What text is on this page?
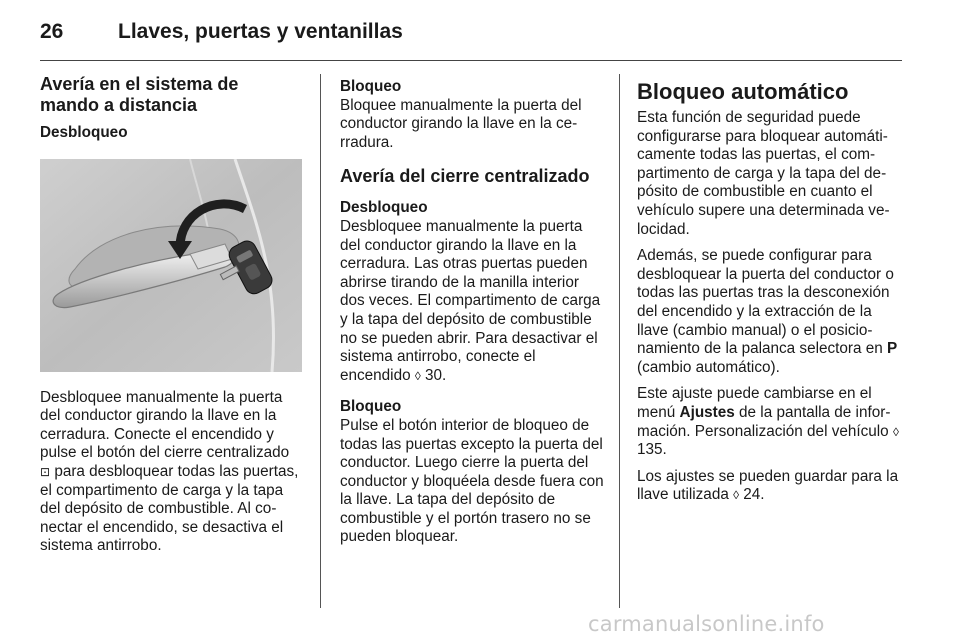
26	Llaves, puertas y ventanillas
Avería en el sistema de mando a distancia
Desbloqueo

Desbloquee manualmente la puerta del conductor girando la llave en la cerradura. Conecte el encendido y pulse el botón del cierre centralizado ⊡ para desbloquear todas las puertas, el compartimento de carga y la tapa del depósito de combustible. Al conectar el encendido, se desactiva el sistema antirrobo.

Bloqueo

Bloquee manualmente la puerta del conductor girando la llave en la cerradura.

Avería del cierre centralizado
Desbloqueo

Desbloquee manualmente la puerta del conductor girando la llave en la cerradura. Las otras puertas pueden abrirse tirando de la manilla interior dos veces. El compartimento de carga y la tapa del depósito de combustible no se pueden abrir. Para desactivar el sistema antirrobo, conecte el encendido ◊ 30.

Bloqueo

Pulse el botón interior de bloqueo de todas las puertas excepto la puerta del conductor. Luego cierre la puerta del conductor y bloquéela desde fuera con la llave. La tapa del depósito de combustible y el portón trasero no se pueden bloquear.

Bloqueo automático

Esta función de seguridad puede configurarse para bloquear automáticamente todas las puertas, el compartimento de carga y la tapa del depósito de combustible en cuanto el vehículo supere una determinada velocidad.

Además, se puede configurar para desbloquear la puerta del conductor o todas las puertas tras la desconexión del encendido y la extracción de la llave (cambio manual) o el posicionamiento de la palanca selectora en P (cambio automático).

Este ajuste puede cambiarse en el menú Ajustes de la pantalla de información. Personalización del vehículo ◊ 135.

Los ajustes se pueden guardar para la llave utilizada ◊ 24.

carmanualsonline.info
